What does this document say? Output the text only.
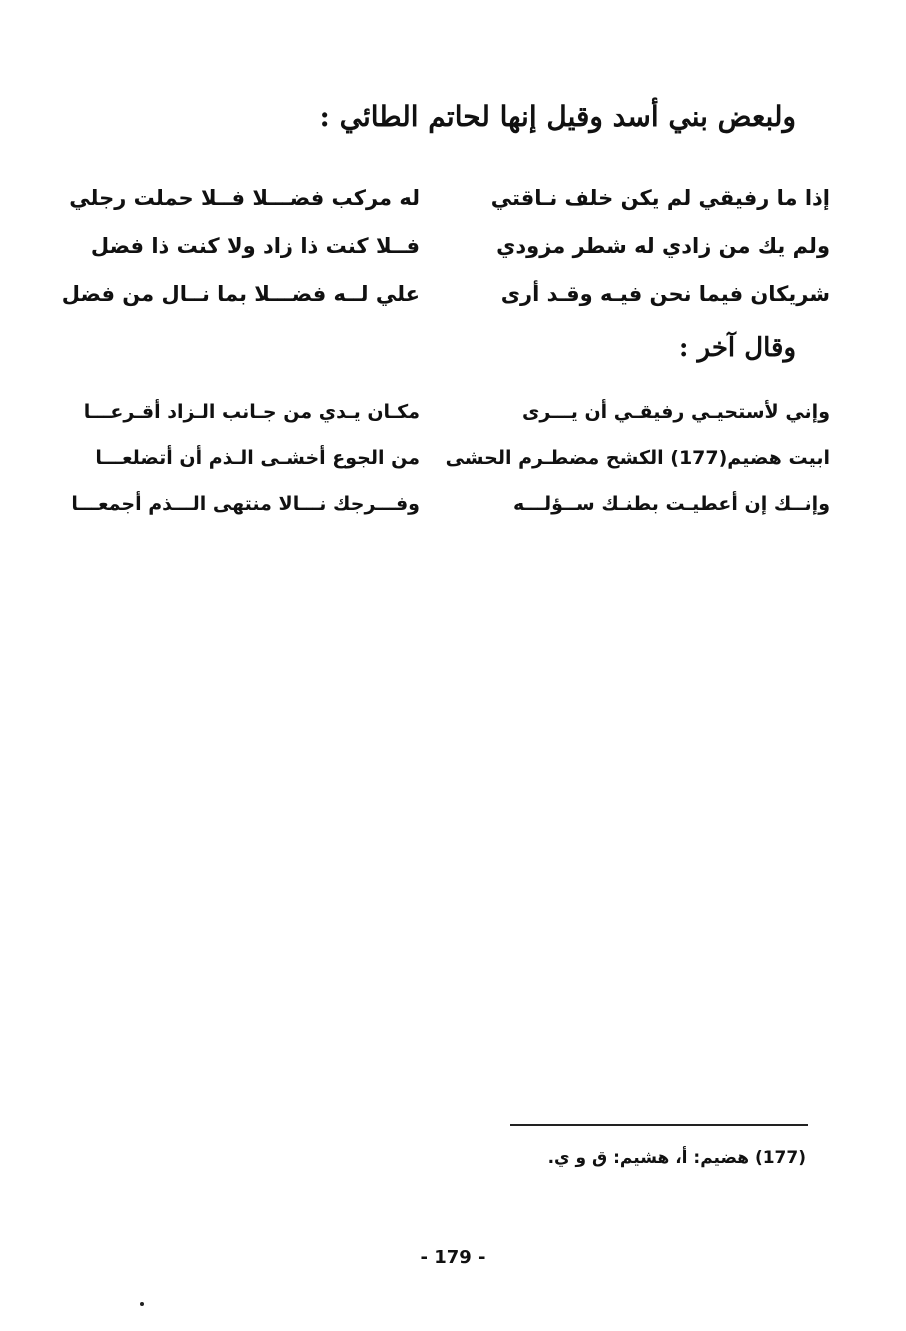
ولبعض بني أسد وقيل إنها لحاتم الطائي :
إذا ما رفيقي لم يكن خلف نـاقتي
له مركب فضـــلا فــلا حملت رجلي
ولم يك من زادي له شطر مزودي
فــلا كنت ذا زاد ولا كنت ذا فضل
شريكان فيما نحن فيـه وقـد أرى
علي لــه فضـــلا بما نــال من فضل
وقال آخر :
وإني لأستحيـي رفيقـي أن يـــرى
مكـان يـدي من جـانب الـزاد أقـرعـــا
ابيت هضيم(177) الكشح مضطـرم الحشى
من الجوع أخشـى الـذم أن أتضلعـــا
وإنــك إن أعطيـت بطنـك ســؤلـــه
وفـــرجك نـــالا منتهى الـــذم أجمعـــا
(177) هضيم: أ، هشيم: ق و ي.
- 179 -
